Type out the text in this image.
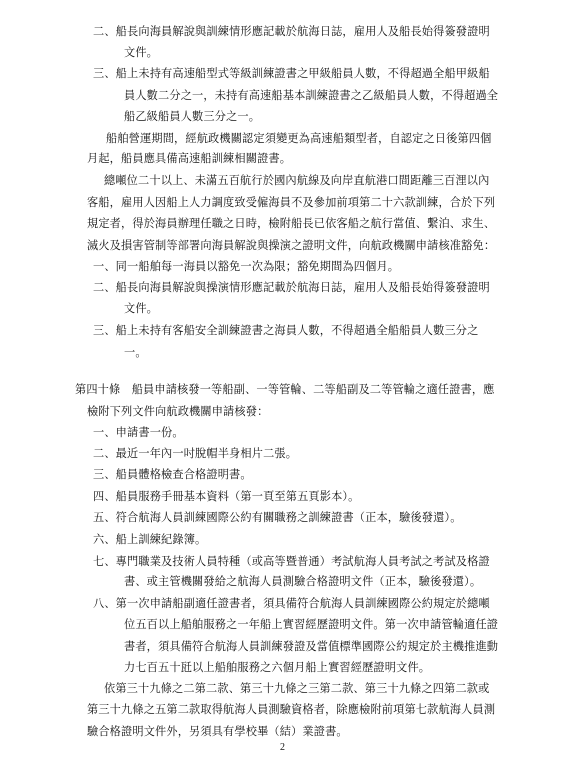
二、船長向海員解說與訓練情形應記載於航海日誌，雇用人及船長始得簽發證明
文件。
三、船上未持有高速船型式等級訓練證書之甲級船員人數，不得超過全船甲級船
員人數二分之一，未持有高速船基本訓練證書之乙級船員人數，不得超過全
船乙級船員人數三分之一。
船舶營運期間，經航政機關認定須變更為高速船類型者，自認定之日後第四個
月起，船員應具備高速船訓練相關證書。
總噸位二十以上、未滿五百航行於國內航線及向岸直航港口間距離三百浬以內
客船，雇用人因船上人力調度致受僱海員不及參加前項第二十六款訓練，合於下列
規定者，得於海員辦理任職之日時，檢附船長已依客船之航行當值、繫泊、求生、
滅火及損害管制等部署向海員解說與操演之證明文件，向航政機關申請核准豁免：
一、同一船舶每一海員以豁免一次為限；豁免期間為四個月。
二、船長向海員解說與操演情形應記載於航海日誌，雇用人及船長始得簽發證明
文件。
三、船上未持有客船安全訓練證書之海員人數，不得超過全船船員人數三分之
一。
第四十條　船員申請核發一等船副、一等管輪、二等船副及二等管輪之適任證書，應
檢附下列文件向航政機關申請核發：
一、申請書一份。
二、最近一年內一吋脫帽半身相片二張。
三、船員體格檢查合格證明書。
四、船員服務手冊基本資料（第一頁至第五頁影本）。
五、符合航海人員訓練國際公約有關職務之訓練證書（正本，驗後發還）。
六、船上訓練紀錄簿。
七、專門職業及技術人員特種（或高等暨普通）考試航海人員考試之考試及格證
書、或主管機關發給之航海人員測驗合格證明文件（正本，驗後發還）。
八、第一次申請船副適任證書者，須具備符合航海人員訓練國際公約規定於總噸
位五百以上船舶服務之一年船上實習經歷證明文件。第一次申請管輪適任證
書者，須具備符合航海人員訓練發證及當值標準國際公約規定於主機推進動
力七百五十瓩以上船舶服務之六個月船上實習經歷證明文件。
依第三十九條之二第二款、第三十九條之三第二款、第三十九條之四第二款或
第三十九條之五第二款取得航海人員測驗資格者，除應檢附前項第七款航海人員測
驗合格證明文件外，另須具有學校畢（結）業證書。
2
